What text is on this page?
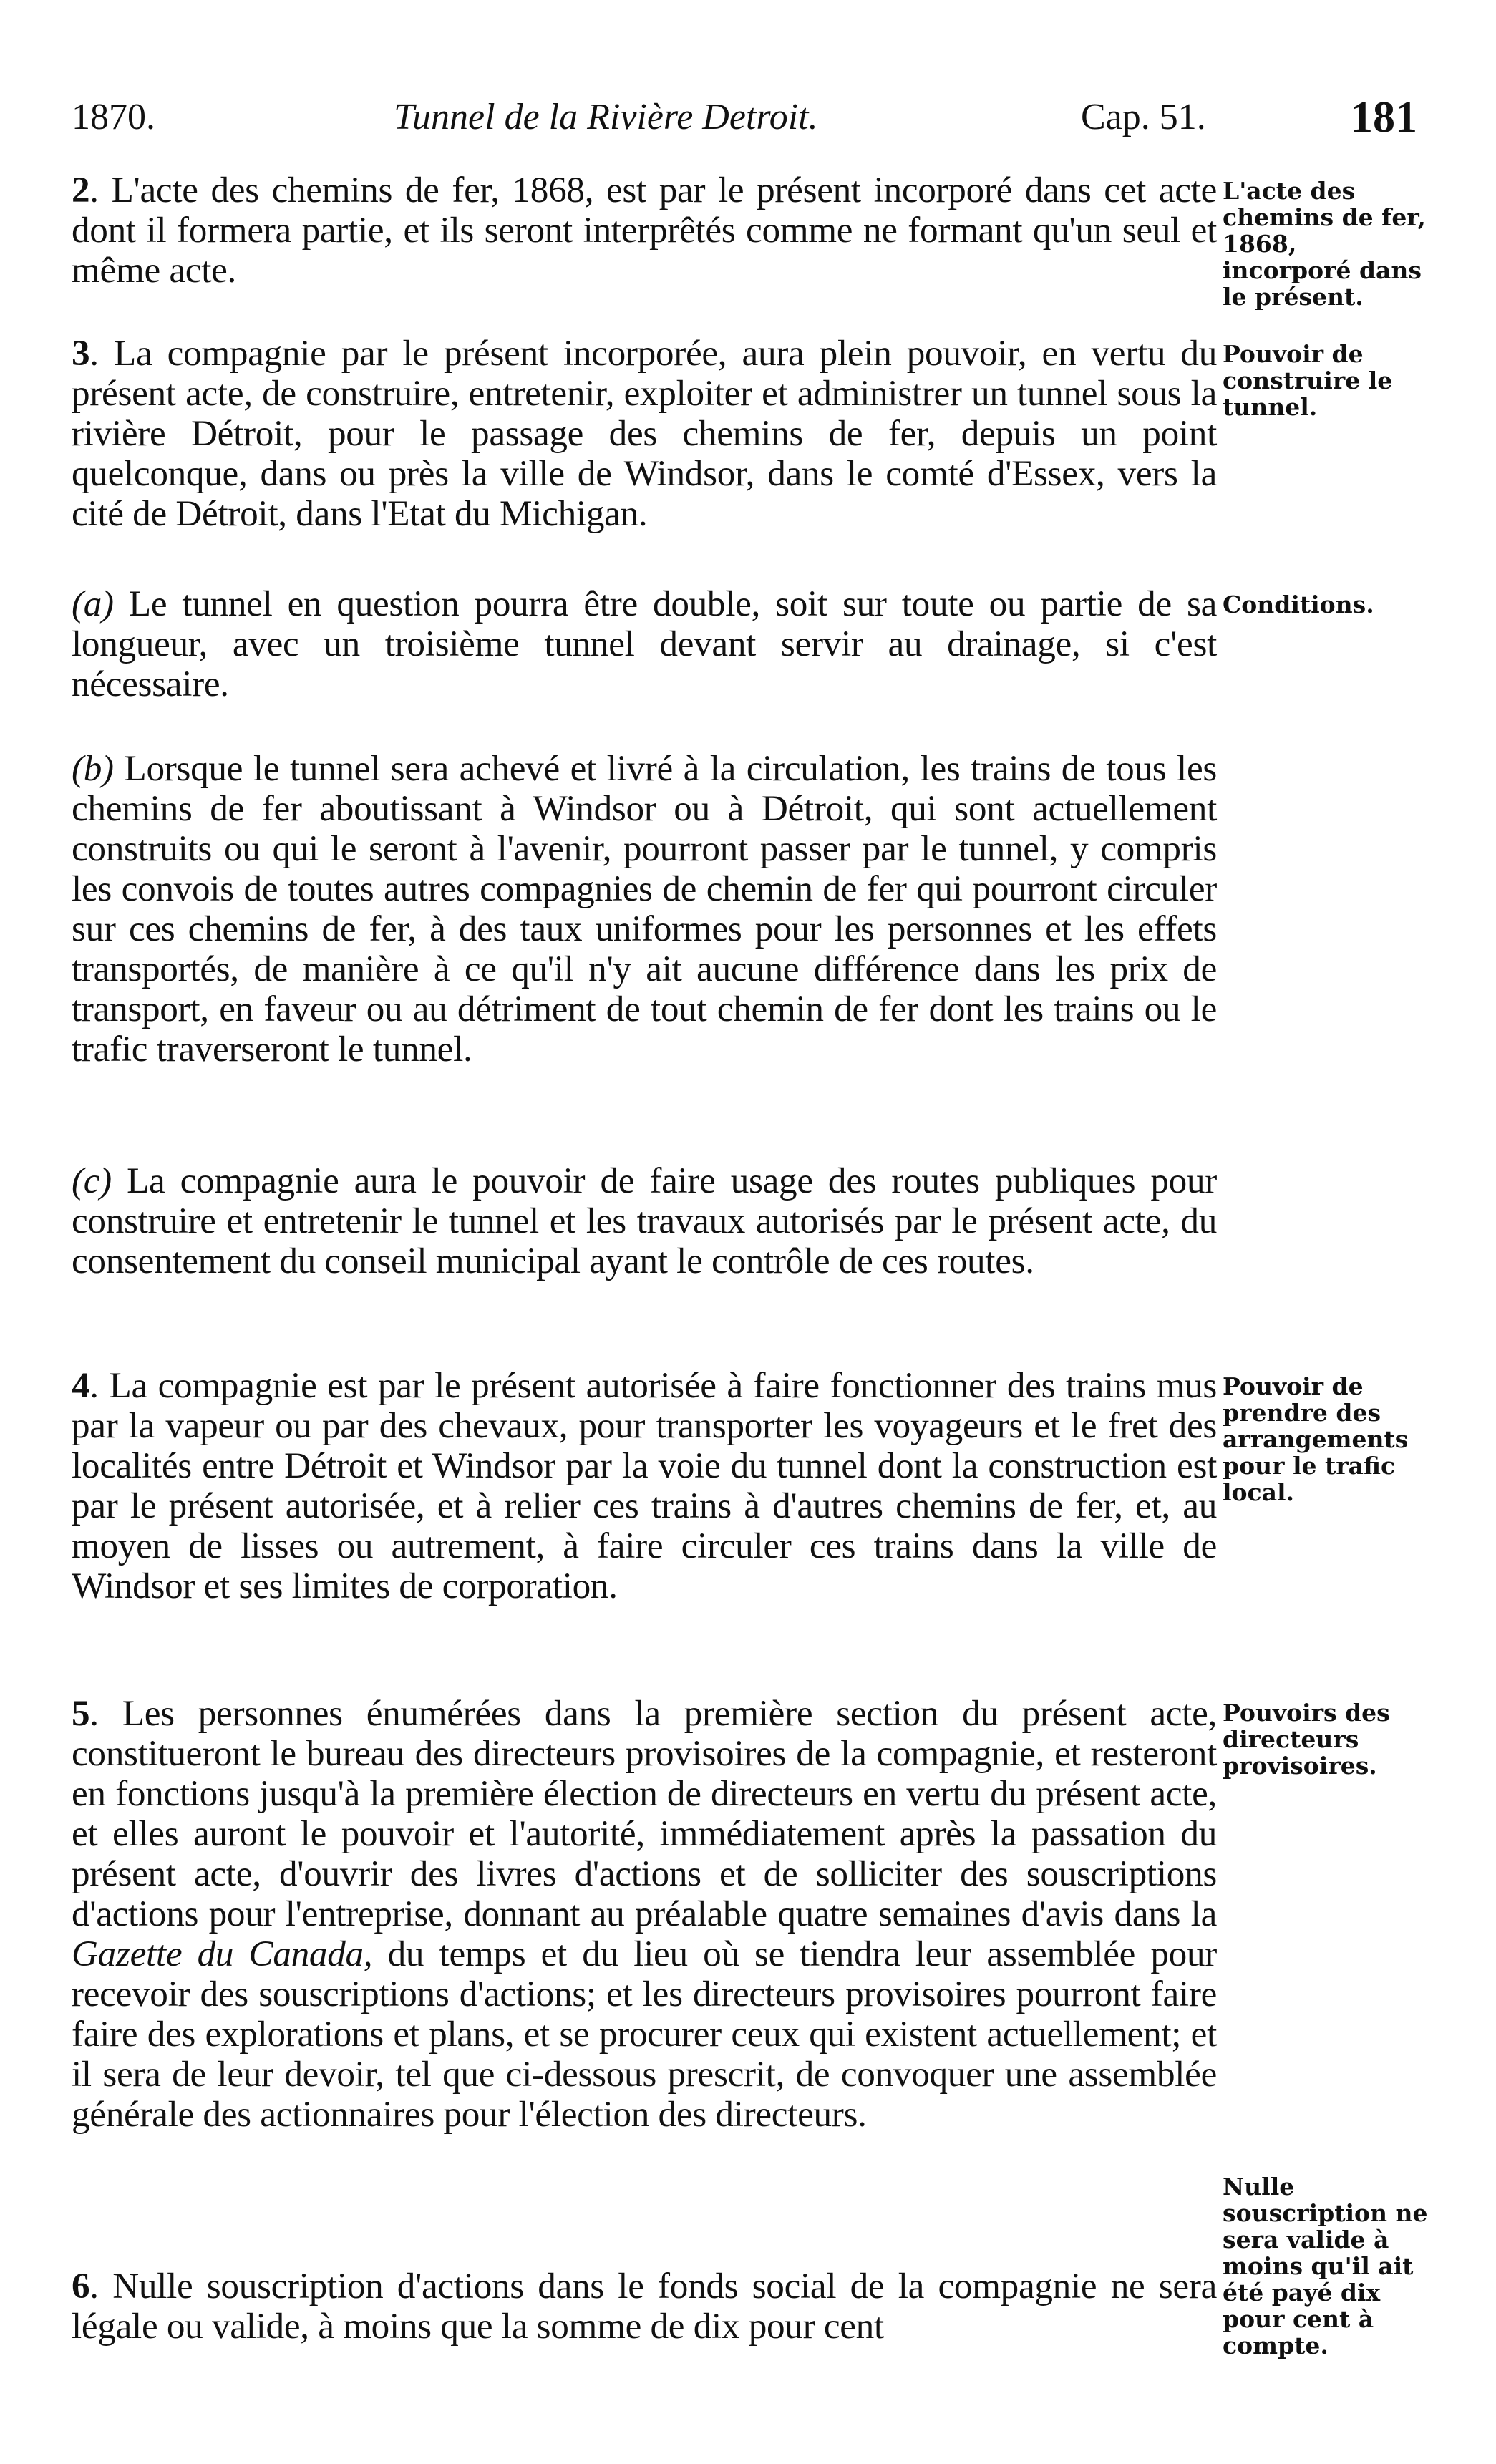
1870.	Tunnel de la Rivière Detroit.	Cap. 51.	181

2. L'acte des chemins de fer, 1868, est par le présent incorporé dans cet acte dont il formera partie, et ils seront interprêtés comme ne formant qu'un seul et même acte.

3. La compagnie par le présent incorporée, aura plein pouvoir, en vertu du présent acte, de construire, entretenir, exploiter et administrer un tunnel sous la rivière Détroit, pour le passage des chemins de fer, depuis un point quelconque, dans ou près la ville de Windsor, dans le comté d'Essex, vers la cité de Détroit, dans l'Etat du Michigan.

(a) Le tunnel en question pourra être double, soit sur toute ou partie de sa longueur, avec un troisième tunnel devant servir au drainage, si c'est nécessaire.

(b) Lorsque le tunnel sera achevé et livré à la circulation, les trains de tous les chemins de fer aboutissant à Windsor ou à Détroit, qui sont actuellement construits ou qui le seront à l'avenir, pourront passer par le tunnel, y compris les convois de toutes autres compagnies de chemin de fer qui pourront circuler sur ces chemins de fer, à des taux uniformes pour les personnes et les effets transportés, de manière à ce qu'il n'y ait aucune différence dans les prix de transport, en faveur ou au détriment de tout chemin de fer dont les trains ou le trafic traverseront le tunnel.

(c) La compagnie aura le pouvoir de faire usage des routes publiques pour construire et entretenir le tunnel et les travaux autorisés par le présent acte, du consentement du conseil municipal ayant le contrôle de ces routes.

4. La compagnie est par le présent autorisée à faire fonctionner des trains mus par la vapeur ou par des chevaux, pour transporter les voyageurs et le fret des localités entre Détroit et Windsor par la voie du tunnel dont la construction est par le présent autorisée, et à relier ces trains à d'autres chemins de fer, et, au moyen de lisses ou autrement, à faire circuler ces trains dans la ville de Windsor et ses limites de corporation.

5. Les personnes énumérées dans la première section du présent acte, constitueront le bureau des directeurs provisoires de la compagnie, et resteront en fonctions jusqu'à la première élection de directeurs en vertu du présent acte, et elles auront le pouvoir et l'autorité, immédiatement après la passation du présent acte, d'ouvrir des livres d'actions et de solliciter des souscriptions d'actions pour l'entreprise, donnant au préalable quatre semaines d'avis dans la Gazette du Canada, du temps et du lieu où se tiendra leur assemblée pour recevoir des souscriptions d'actions; et les directeurs provisoires pourront faire faire des explorations et plans, et se procurer ceux qui existent actuellement; et il sera de leur devoir, tel que ci-dessous prescrit, de convoquer une assemblée générale des actionnaires pour l'élection des directeurs.

6. Nulle souscription d'actions dans le fonds social de la compagnie ne sera légale ou valide, à moins que la somme de dix pour cent

L'acte des chemins de fer, 1868, incorporé dans le présent.
Pouvoir de construire le tunnel.
Conditions.
Pouvoir de prendre des arrangements pour le trafic local.
Pouvoirs des directeurs provisoires.
Nulle souscription ne sera valide à moins qu'il ait été payé dix pour cent à compte.
